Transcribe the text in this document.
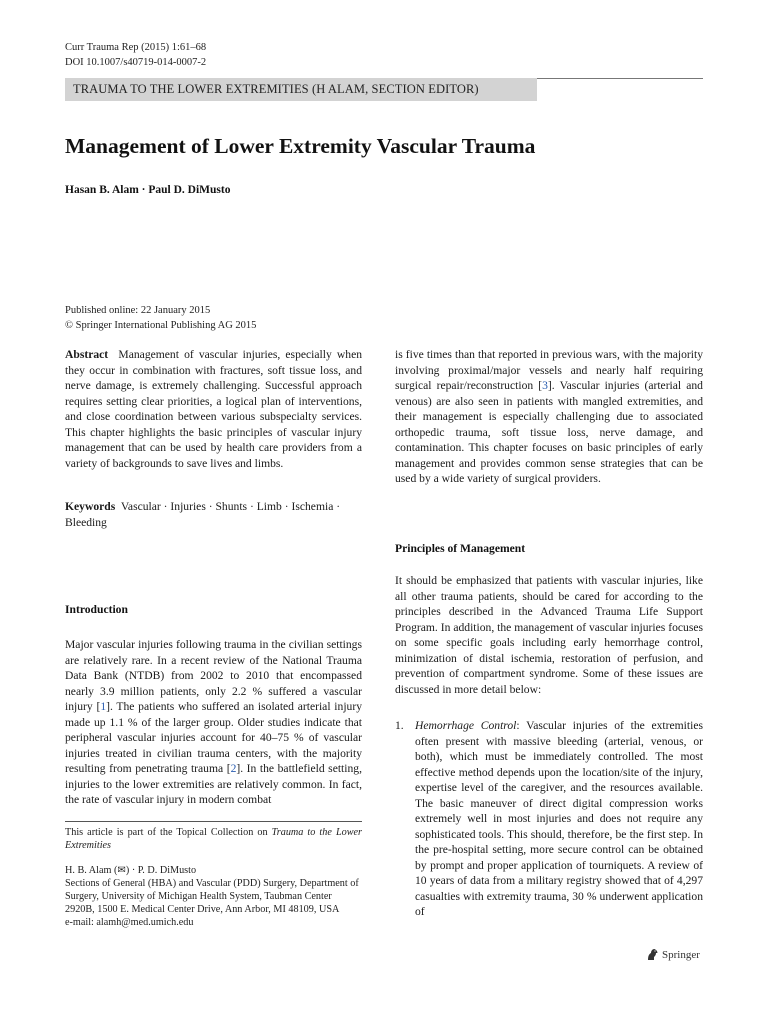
Curr Trauma Rep (2015) 1:61–68
DOI 10.1007/s40719-014-0007-2
TRAUMA TO THE LOWER EXTREMITIES (H ALAM, SECTION EDITOR)
Management of Lower Extremity Vascular Trauma
Hasan B. Alam · Paul D. DiMusto
Published online: 22 January 2015
© Springer International Publishing AG 2015

Abstract Management of vascular injuries, especially when they occur in combination with fractures, soft tissue loss, and nerve damage, is extremely challenging. Successful approach requires setting clear priorities, a logical plan of interventions, and close coordination between various subspecialty services. This chapter highlights the basic principles of vascular injury management that can be used by health care providers from a variety of backgrounds to save lives and limbs.

Keywords Vascular · Injuries · Shunts · Limb · Ischemia · Bleeding

Introduction

Major vascular injuries following trauma in the civilian settings are relatively rare. In a recent review of the National Trauma Data Bank (NTDB) from 2002 to 2010 that encompassed nearly 3.9 million patients, only 2.2 % suffered a vascular injury [1]. The patients who suffered an isolated arterial injury made up 1.1 % of the larger group. Older studies indicate that peripheral vascular injuries account for 40–75 % of vascular injuries treated in civilian trauma centers, with the majority resulting from penetrating trauma [2]. In the battlefield setting, injuries to the lower extremities are relatively common. In fact, the rate of vascular injury in modern combat

This article is part of the Topical Collection on Trauma to the Lower Extremities

H. B. Alam (✉) · P. D. DiMusto

Sections of General (HBA) and Vascular (PDD) Surgery, Department of Surgery, University of Michigan Health System, Taubman Center 2920B, 1500 E. Medical Center Drive, Ann Arbor, MI 48109, USA

e-mail: alamh@med.umich.edu

is five times than that reported in previous wars, with the majority involving proximal/major vessels and nearly half requiring surgical repair/reconstruction [3]. Vascular injuries (arterial and venous) are also seen in patients with mangled extremities, and their management is especially challenging due to associated orthopedic trauma, soft tissue loss, nerve damage, and contamination. This chapter focuses on basic principles of early management and provides common sense strategies that can be used by a wide variety of surgical providers.

Principles of Management

It should be emphasized that patients with vascular injuries, like all other trauma patients, should be cared for according to the principles described in the Advanced Trauma Life Support Program. In addition, the management of vascular injuries focuses on some specific goals including early hemorrhage control, minimization of distal ischemia, restoration of perfusion, and prevention of compartment syndrome. Some of these issues are discussed in more detail below:

1. Hemorrhage Control: Vascular injuries of the extremities often present with massive bleeding (arterial, venous, or both), which must be immediately controlled. The most effective method depends upon the location/site of the injury, expertise level of the caregiver, and the resources available. The basic maneuver of direct digital compression works extremely well in most injuries and does not require any sophisticated tools. This should, therefore, be the first step. In the pre-hospital setting, more secure control can be obtained by prompt and proper application of tourniquets. A review of 10 years of data from a military registry showed that of 4,297 casualties with extremity trauma, 30 % underwent application of

Springer
